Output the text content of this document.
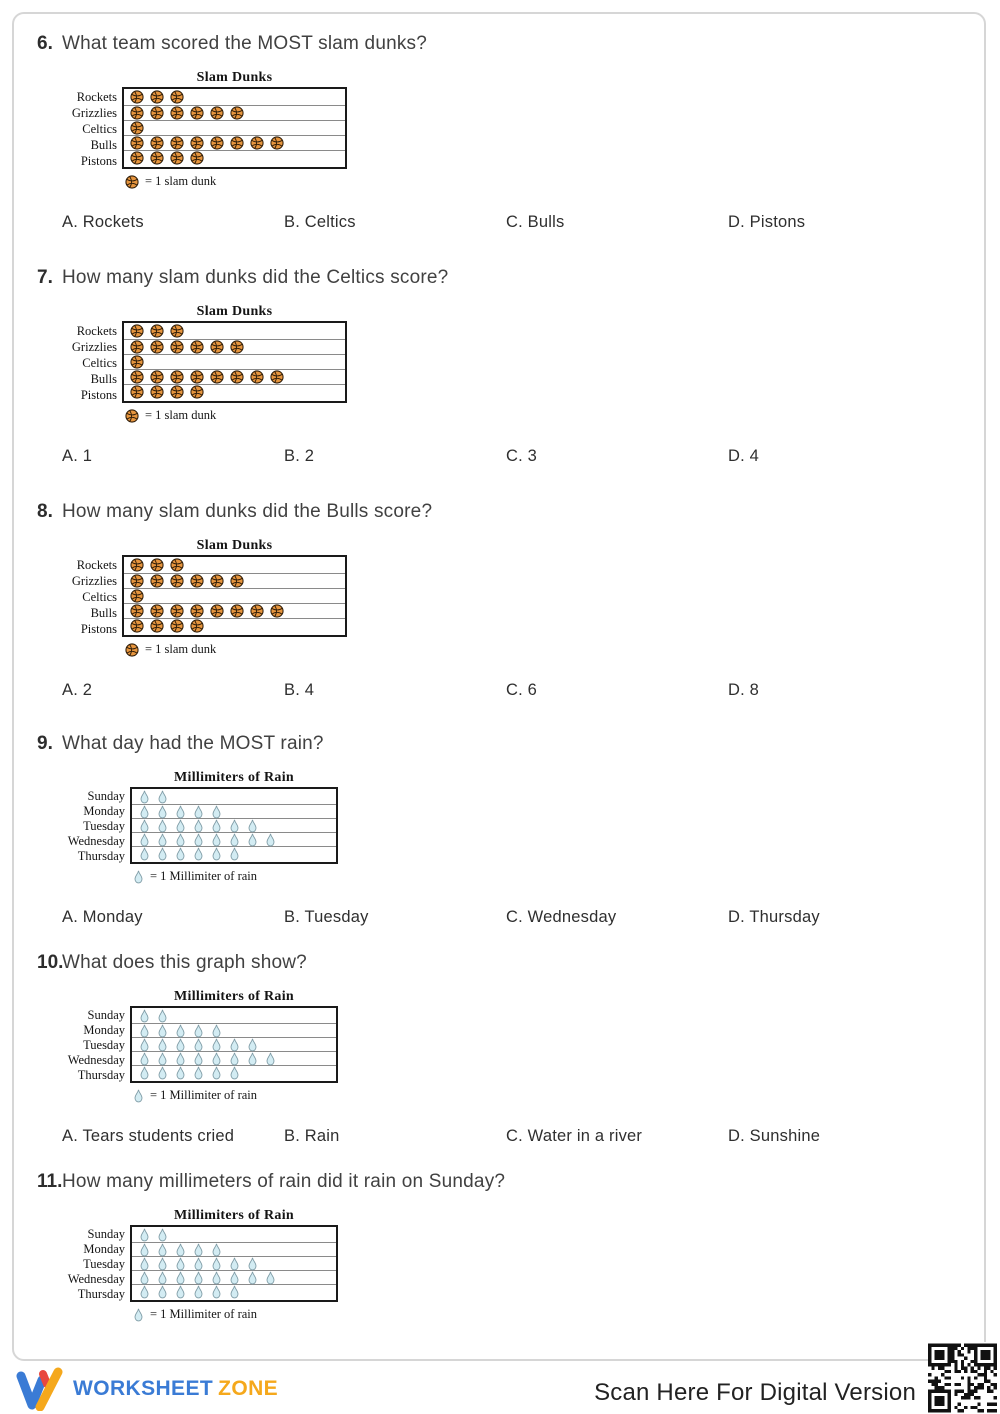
6. What team scored the MOST slam dunks?
Slam Dunks
Rockets
Grizzlies
Celtics
Bulls
Pistons
= 1 slam dunk
A. Rockets	B. Celtics	C. Bulls	D. Pistons
7. How many slam dunks did the Celtics score?
Slam Dunks
Rockets
Grizzlies
Celtics
Bulls
Pistons
= 1 slam dunk
A. 1	B. 2	C. 3	D. 4
8. How many slam dunks did the Bulls score?
Slam Dunks
Rockets
Grizzlies
Celtics
Bulls
Pistons
= 1 slam dunk
A. 2	B. 4	C. 6	D. 8
9. What day had the MOST rain?
Millimiters of Rain
Sunday
Monday
Tuesday
Wednesday
Thursday
= 1 Millimiter of rain
A. Monday	B. Tuesday	C. Wednesday	D. Thursday
10.
What does this graph show?
Millimiters of Rain
Sunday
Monday
Tuesday
Wednesday
Thursday
= 1 Millimiter of rain
A. Tears students cried	B. Rain	C. Water in a river	D. Sunshine
11. How many millimeters of rain did it rain on Sunday?
Millimiters of Rain
Sunday
Monday
Tuesday
Wednesday
Thursday
= 1 Millimiter of rain
WORKSHEET ZONE	Scan Here For Digital Version
